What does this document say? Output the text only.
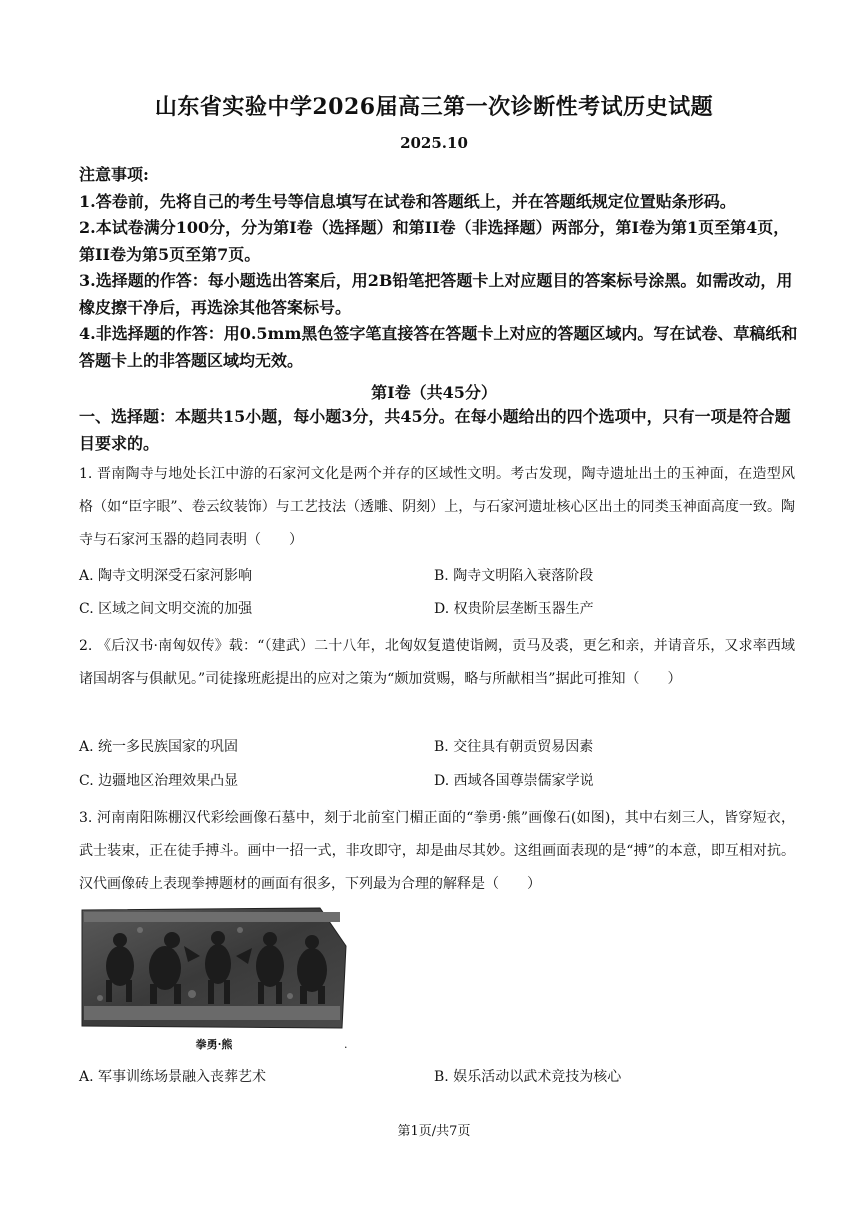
山东省实验中学2026届高三第一次诊断性考试历史试题
2025.10

注意事项:

1.答卷前，先将自己的考生号等信息填写在试卷和答题纸上，并在答题纸规定位置贴条形码。

2.本试卷满分100分，分为第Ⅰ卷（选择题）和第II卷（非选择题）两部分，第Ⅰ卷为第1页至第4页，第II卷为第5页至第7页。

3.选择题的作答：每小题选出答案后，用2B铅笔把答题卡上对应题目的答案标号涂黑。如需改动，用橡皮擦干净后，再选涂其他答案标号。

4.非选择题的作答：用0.5mm黑色签字笔直接答在答题卡上对应的答题区域内。写在试卷、草稿纸和答题卡上的非答题区域均无效。

第Ⅰ卷（共45分）
一、选择题：本题共15小题，每小题3分，共45分。在每小题给出的四个选项中，只有一项是符合题目要求的。

1. 晋南陶寺与地处长江中游的石家河文化是两个并存的区域性文明。考古发现，陶寺遗址出土的玉神面，在造型风格（如“臣字眼”、卷云纹装饰）与工艺技法（透雕、阴刻）上，与石家河遗址核心区出土的同类玉神面高度一致。陶寺与石家河玉器的趋同表明（　　）

A. 陶寺文明深受石家河影响	B. 陶寺文明陷入衰落阶段
C. 区域之间文明交流的加强	D. 权贵阶层垄断玉器生产

2. 《后汉书·南匈奴传》载：“（建武）二十八年，北匈奴复遣使诣阙，贡马及裘，更乞和亲，并请音乐，又求率西域诸国胡客与俱献见。”司徒掾班彪提出的应对之策为“颇加赏赐，略与所献相当”据此可推知（　　）

A. 统一多民族国家的巩固	B. 交往具有朝贡贸易因素
C. 边疆地区治理效果凸显	D. 西域各国尊崇儒家学说

3. 河南南阳陈棚汉代彩绘画像石墓中，刻于北前室门楣正面的“拳勇·熊”画像石(如图)，其中右刻三人，皆穿短衣，武士装束，正在徒手搏斗。画中一招一式，非攻即守，却是曲尽其妙。这组画面表现的是“搏”的本意，即互相对抗。汉代画像砖上表现拳搏题材的画面有很多，下列最为合理的解释是（　　）

拳勇·熊	.
A. 军事训练场景融入丧葬艺术	B. 娱乐活动以武术竞技为核心
第1页/共7页
